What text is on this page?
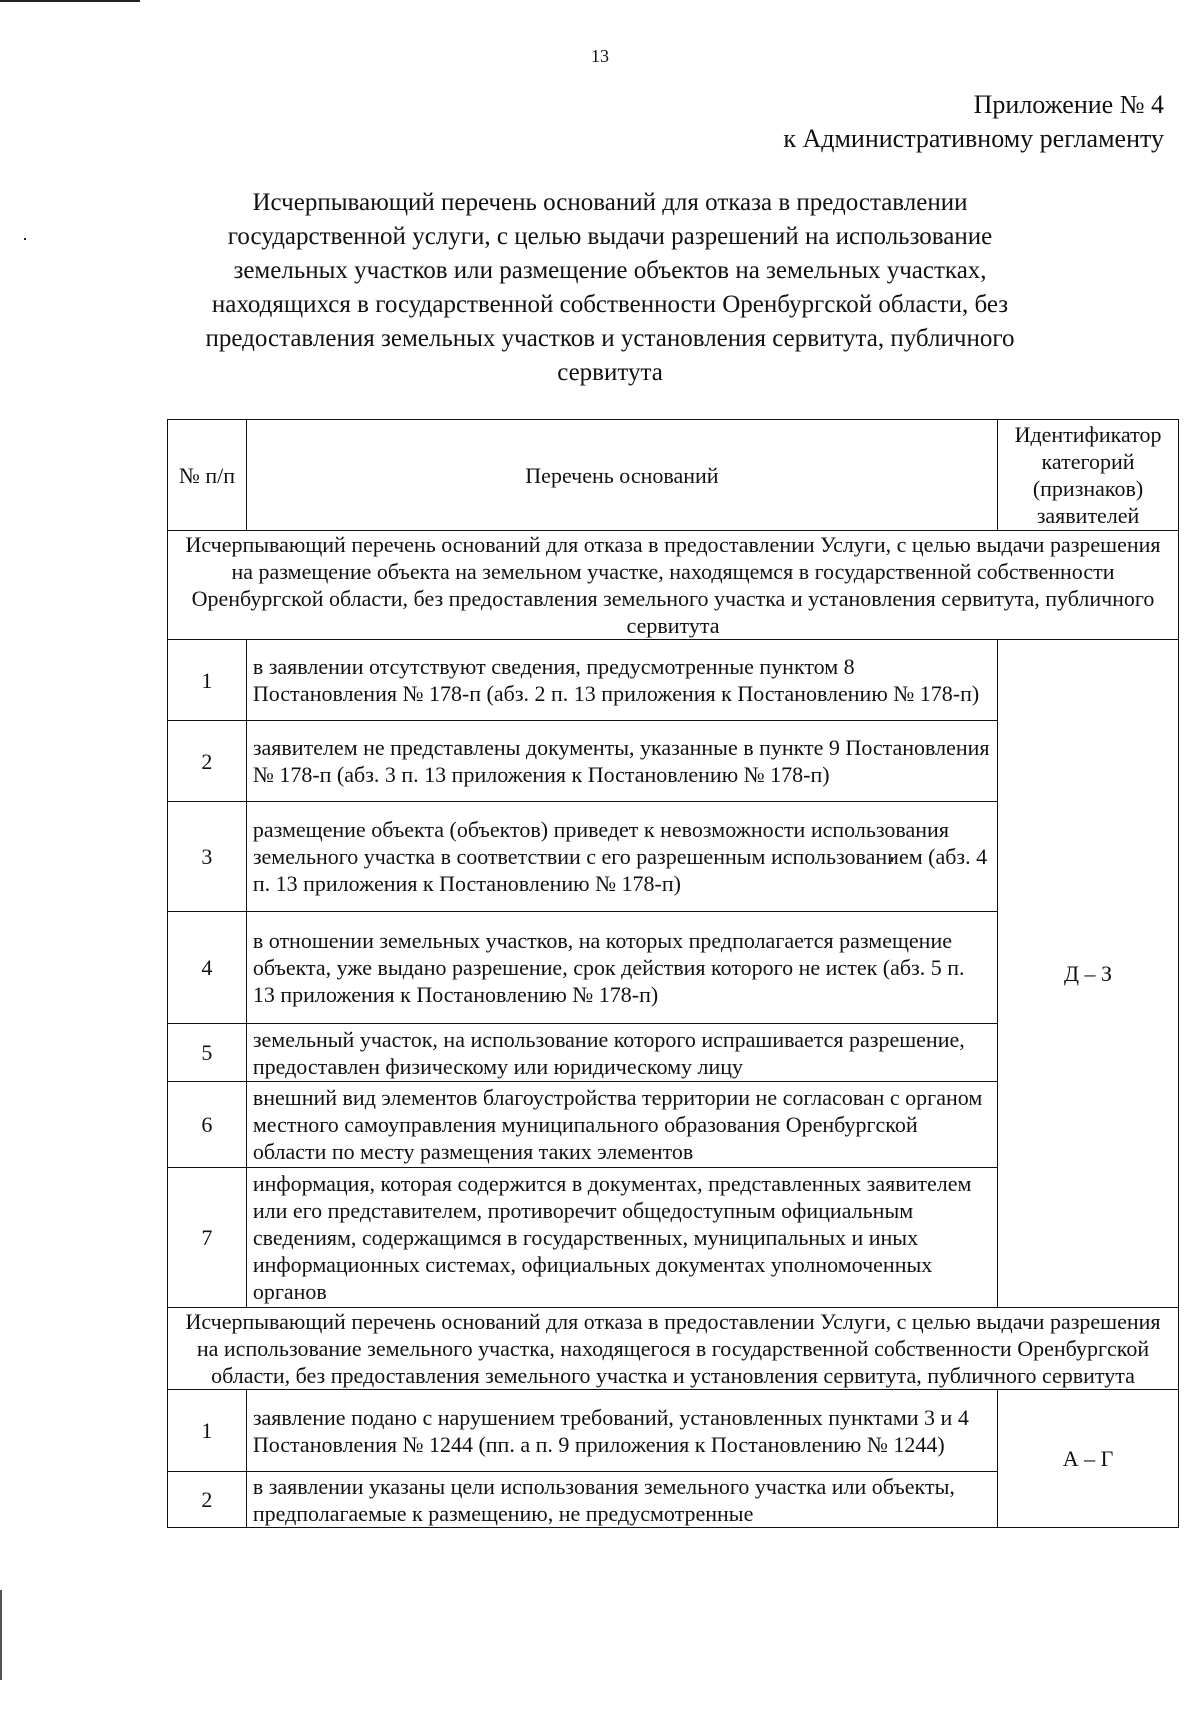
13
Приложение № 4
к Административному регламенту
Исчерпывающий перечень оснований для отказа в предоставлении государственной услуги, с целью выдачи разрешений на использование земельных участков или размещение объектов на земельных участках, находящихся в государственной собственности Оренбургской области, без предоставления земельных участков и установления сервитута, публичного сервитута
№ п/п	Перечень оснований	Идентификатор категорий (признаков) заявителей
Исчерпывающий перечень оснований для отказа в предоставлении Услуги, с целью выдачи разрешения на размещение объекта на земельном участке, находящемся в государственной собственности Оренбургской области, без предоставления земельного участка и установления сервитута, публичного сервитута		
1	в заявлении отсутствуют сведения, предусмотренные пунктом 8 Постановления № 178-п (абз. 2 п. 13 приложения к Постановлению № 178-п)	Д – З
2	заявителем не представлены документы, указанные в пункте 9 Постановления № 178-п (абз. 3 п. 13 приложения к Постановлению № 178-п)	
3	размещение объекта (объектов) приведет к невозможности использования земельного участка в соответствии с его разрешенным использованием (абз. 4 п. 13 приложения к Постановлению № 178-п)	
4	в отношении земельных участков, на которых предполагается размещение объекта, уже выдано разрешение, срок действия которого не истек (абз. 5 п. 13 приложения к Постановлению № 178-п)	
5	земельный участок, на использование которого испрашивается разрешение, предоставлен физическому или юридическому лицу	
6	внешний вид элементов благоустройства территории не согласован с органом местного самоуправления муниципального образования Оренбургской области по месту размещения таких элементов	
7	информация, которая содержится в документах, представленных заявителем или его представителем, противоречит общедоступным официальным сведениям, содержащимся в государственных, муниципальных и иных информационных системах, официальных документах уполномоченных органов	
Исчерпывающий перечень оснований для отказа в предоставлении Услуги, с целью выдачи разрешения на использование земельного участка, находящегося в государственной собственности Оренбургской области, без предоставления земельного участка и установления сервитута, публичного сервитута		
1	заявление подано с нарушением требований, установленных пунктами 3 и 4 Постановления № 1244 (пп. а п. 9 приложения к Постановлению № 1244)	А – Г
2	в заявлении указаны цели использования земельного участка или объекты, предполагаемые к размещению, не предусмотренные	
